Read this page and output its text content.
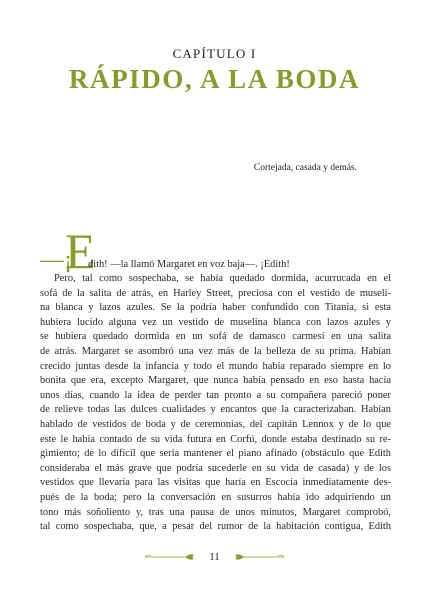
CAPÍTULO I
RÁPIDO, A LA BODA
Cortejada, casada y demás.
—¡
E
dith! —la llamó Margaret en voz baja—. ¡Edith!
Pero, tal como sospechaba, se había quedado dormida, acurrucada en el
sofá de la salita de atrás, en Harley Street, preciosa con el vestido de museli-
na blanca y lazos azules. Se la podría haber confundido con Titania, si esta
hubiera lucido alguna vez un vestido de muselina blanca con lazos azules y
se hubiera quedado dormida en un sofá de damasco carmesí en una salita
de atrás. Margaret se asombró una vez más de la belleza de su prima. Habían
crecido juntas desde la infancia y todo el mundo había reparado siempre en lo
bonita que era, excepto Margaret, que nunca había pensado en eso hasta hacía
unos días, cuando la idea de perder tan pronto a su compañera pareció poner
de relieve todas las dulces cualidades y encantos que la caracterizaban. Habían
hablado de vestidos de boda y de ceremonias, del capitán Lennox y de lo que
este le había contado de su vida futura en Corfú, donde estaba destinado su re-
gimiento; de lo difícil que sería mantener el piano afinado (obstáculo que Edith
consideraba el más grave que podría sucederle en su vida de casada) y de los
vestidos que llevaría para las visitas que haría en Escocia inmediatamente des-
pués de la boda; pero la conversación en susurros había ido adquiriendo un
tono más soñoliento y, tras una pausa de unos minutos, Margaret comprobó,
tal como sospechaba, que, a pesar del rumor de la habitación contigua, Edith
11
